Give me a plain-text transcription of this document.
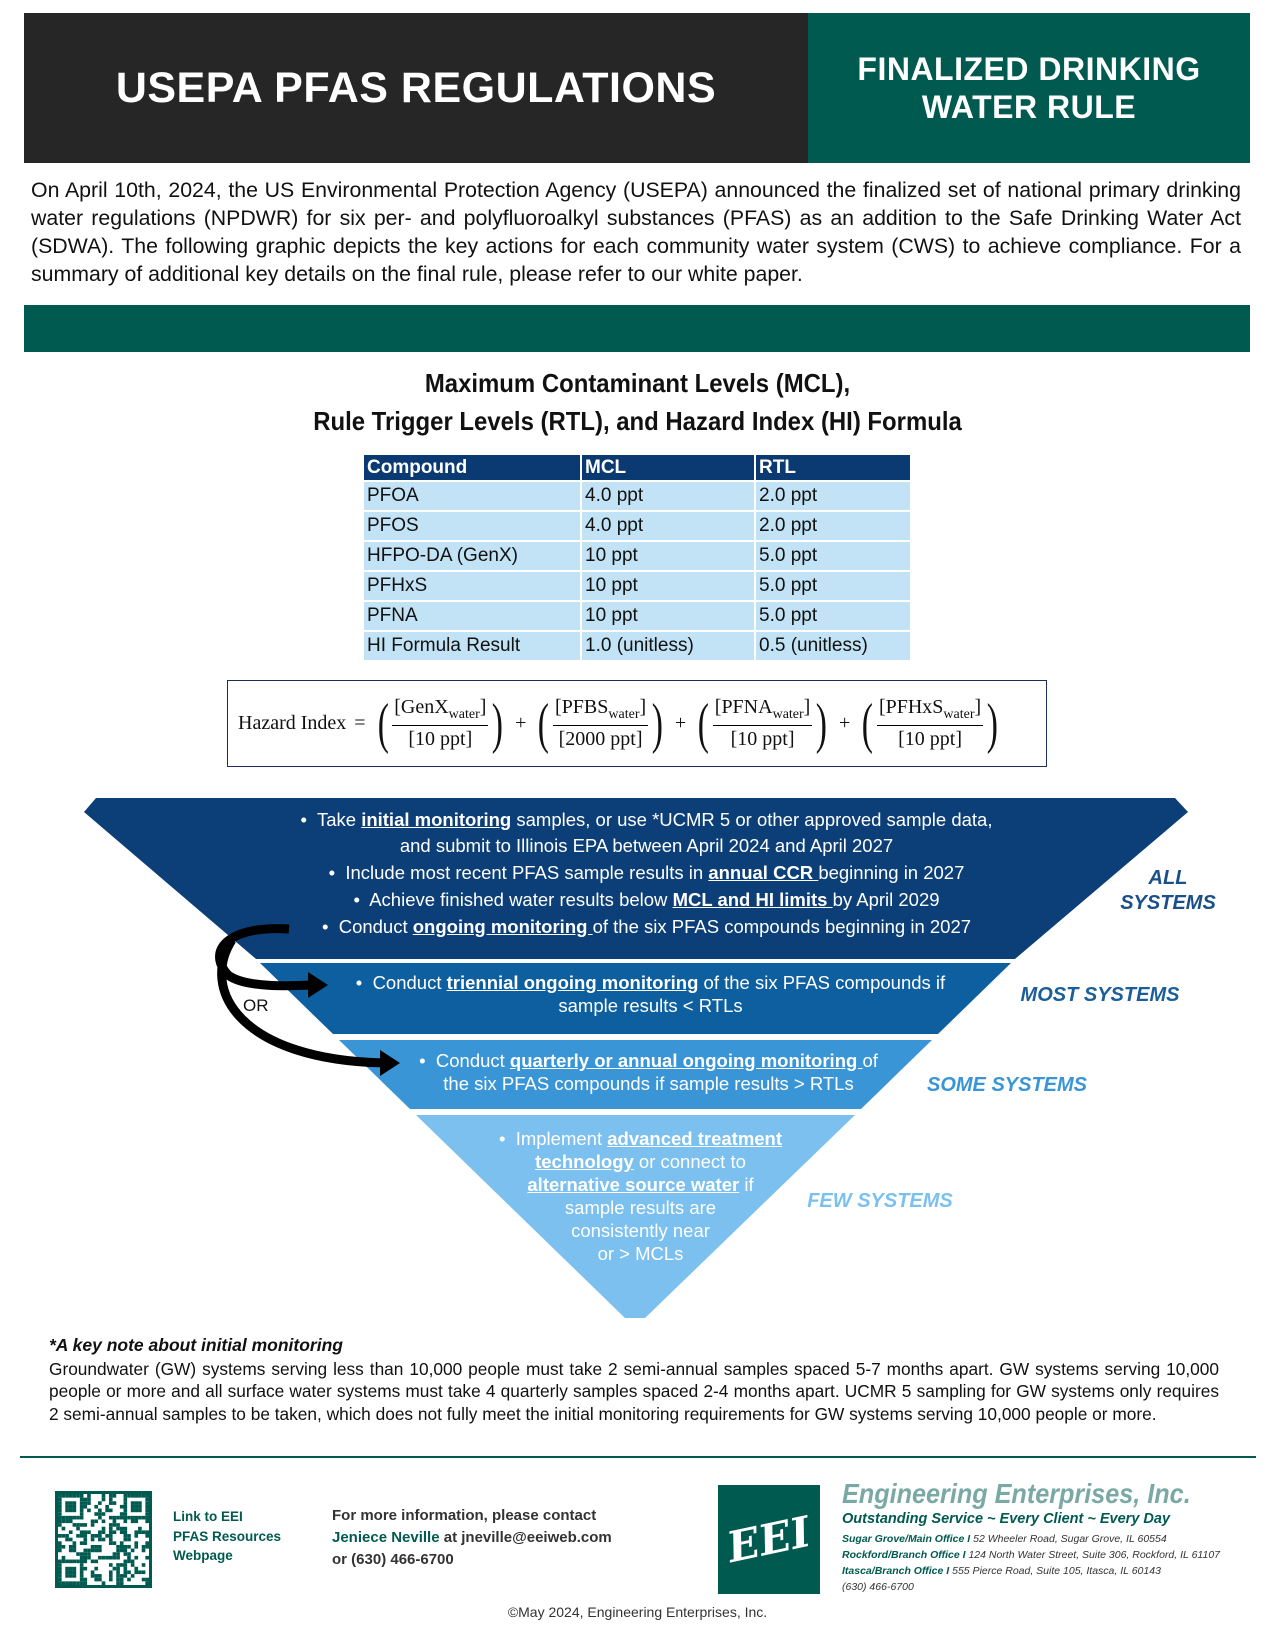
USEPA PFAS REGULATIONS	FINALIZED DRINKING
WATER RULE

On April 10th, 2024, the US Environmental Protection Agency (USEPA) announced the finalized set of national primary drinking water regulations (NPDWR) for six per- and polyfluoroalkyl substances (PFAS) as an addition to the Safe Drinking Water Act (SDWA). The following graphic depicts the key actions for each community water system (CWS) to achieve compliance. For a summary of additional key details on the final rule, please refer to our white paper.

Maximum Contaminant Levels (MCL),
Rule Trigger Levels (RTL), and Hazard Index (HI) Formula
Compound	MCL	RTL
PFOA	4.0 ppt	2.0 ppt
PFOS	4.0 ppt	2.0 ppt
HFPO-DA (GenX)	10 ppt	5.0 ppt
PFHxS	10 ppt	5.0 ppt
PFNA	10 ppt	5.0 ppt
HI Formula Result	1.0 (unitless)	0.5 (unitless)
Hazard Index = ( $\frac{[GenX_{water}]}{\text{[10 ppt]}}$ ) + ( $\frac{[PFBS_{water}]}{\text{[2000 ppt]}}$ ) + ( $\frac{[PFNA_{water}]}{\text{[10 ppt]}}$ ) + ( $\frac{[PFHxS_{water}]}{\text{[10 ppt]}}$ )
OR
• Take initial monitoring samples, or use *UCMR 5 or other approved sample data,
and submit to Illinois EPA between April 2024 and April 2027
• Include most recent PFAS sample results in annual CCR beginning in 2027
• Achieve finished water results below MCL and HI limits by April 2029
• Conduct ongoing monitoring of the six PFAS compounds beginning in 2027
• Conduct triennial ongoing monitoring of the six PFAS compounds if
sample results < RTLs
• Conduct quarterly or annual ongoing monitoring of
the six PFAS compounds if sample results > RTLs
• Implement advanced treatment
technology or connect to
alternative source water if
sample results are
consistently near
or > MCLs
ALL
SYSTEMS
MOST SYSTEMS
SOME SYSTEMS
FEW SYSTEMS
*A key note about initial monitoring

Groundwater (GW) systems serving less than 10,000 people must take 2 semi-annual samples spaced 5-7 months apart. GW systems serving 10,000 people or more and all surface water systems must take 4 quarterly samples spaced 2-4 months apart. UCMR 5 sampling for GW systems only requires 2 semi-annual samples to be taken, which does not fully meet the initial monitoring requirements for GW systems serving 10,000 people or more.

Link to EEI
PFAS Resources
Webpage
For more information, please contact
Jeniece Neville at jneville@eeiweb.com
or (630) 466-6700	EEI
Engineering Enterprises, Inc.
Outstanding Service ~ Every Client ~ Every Day
Sugar Grove/Main Office I 52 Wheeler Road, Sugar Grove, IL 60554
Rockford/Branch Office I 124 North Water Street, Suite 306, Rockford, IL 61107
Itasca/Branch Office I 555 Pierce Road, Suite 105, Itasca, IL 60143
(630) 466-6700
©May 2024, Engineering Enterprises, Inc.
